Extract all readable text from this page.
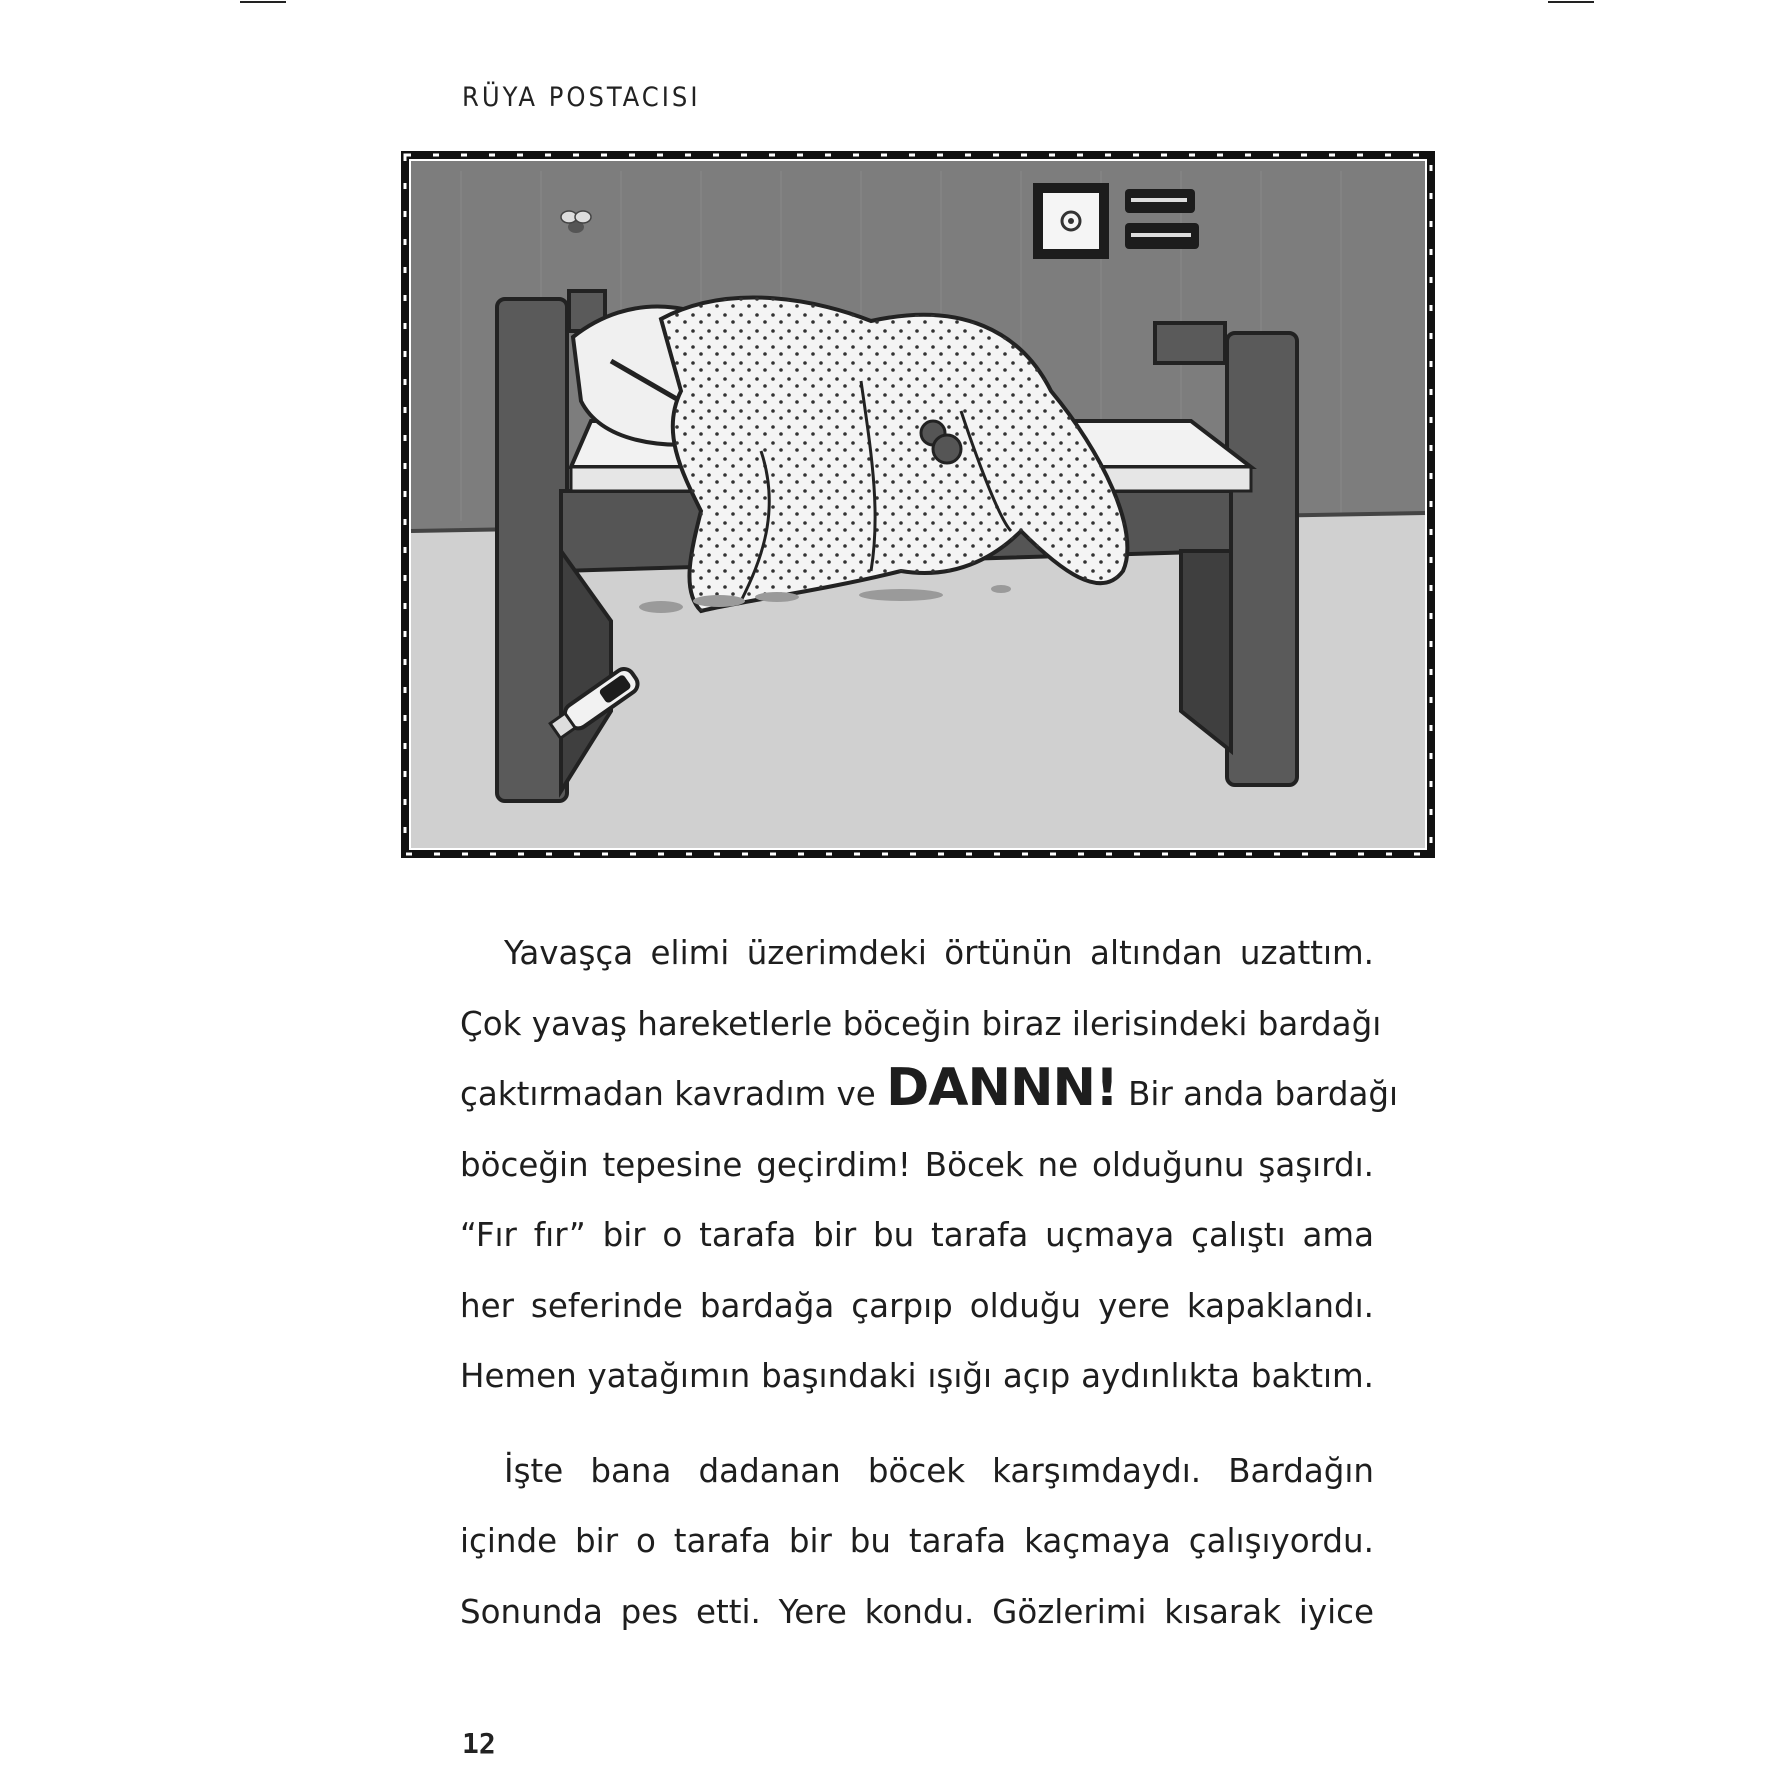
RÜYA POSTACISI

Yavaşça elimi üzerimdeki örtünün altından uzattım.
Çok yavaş hareketlerle böceğin biraz ilerisindeki bardağı
çaktırmadan kavradım ve DANNN! Bir anda bardağı
böceğin tepesine geçirdim! Böcek ne olduğunu şaşırdı.
“Fır fır” bir o tarafa bir bu tarafa uçmaya çalıştı ama
her seferinde bardağa çarpıp olduğu yere kapaklandı.
Hemen yatağımın başındaki ışığı açıp aydınlıkta baktım.

İşte bana dadanan böcek karşımdaydı. Bardağın
içinde bir o tarafa bir bu tarafa kaçmaya çalışıyordu.
Sonunda pes etti. Yere kondu. Gözlerimi kısarak iyice

12
